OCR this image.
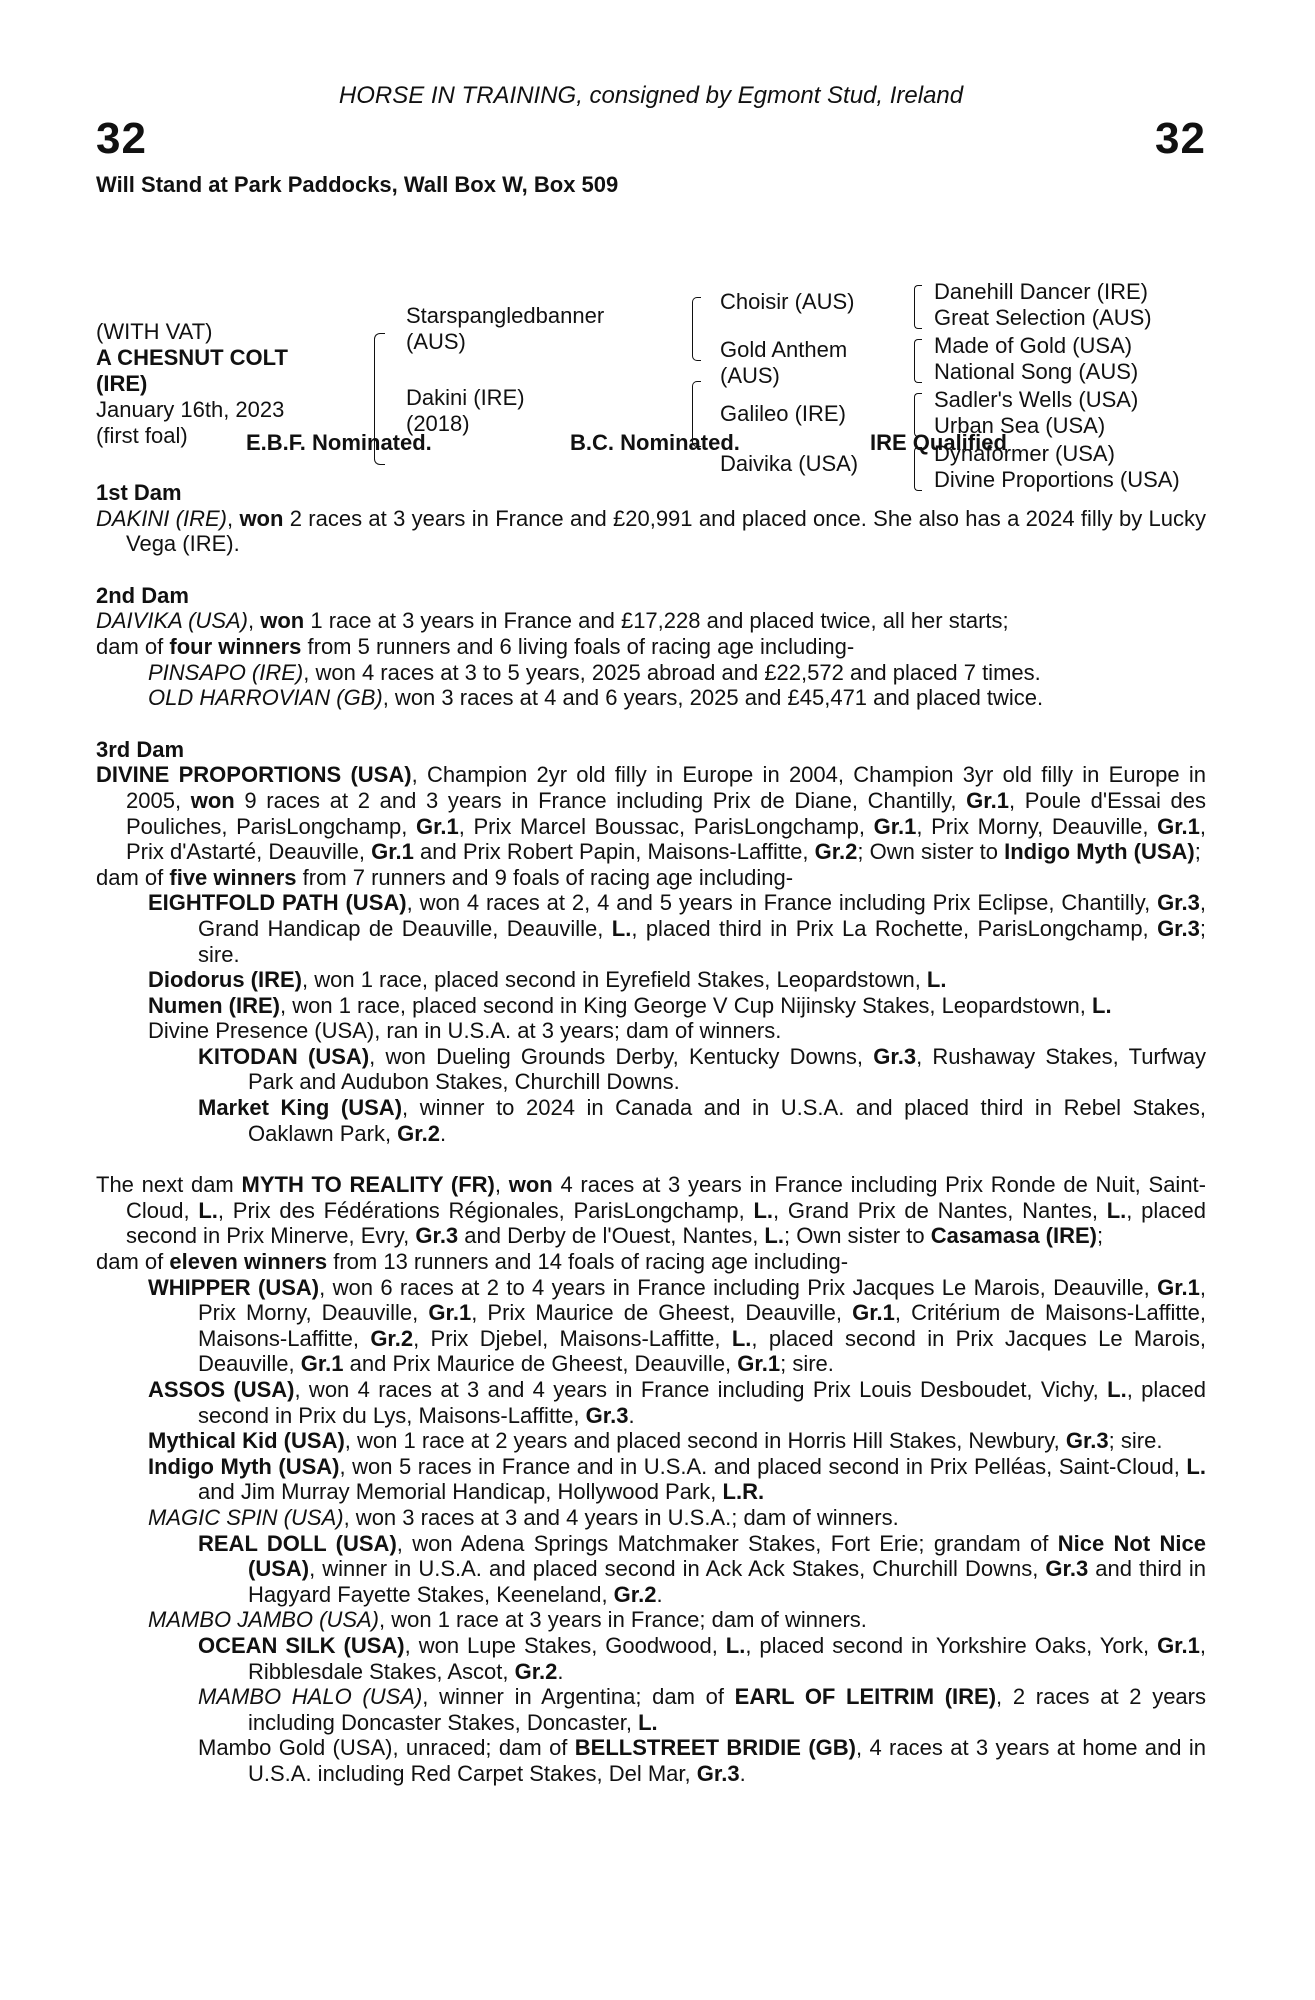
HORSE IN TRAINING, consigned by Egmont Stud, Ireland
32	32
Will Stand at Park Paddocks, Wall Box W, Box 509
(WITH VAT)
A CHESNUT COLT
(IRE)
January 16th, 2023
(first foal)
Starspangledbanner
(AUS)
Dakini (IRE)
(2018)
Choisir (AUS)
Gold Anthem
(AUS)
Galileo (IRE)
Daivika (USA)
Danehill Dancer (IRE)
Great Selection (AUS)
Made of Gold (USA)
National Song (AUS)
Sadler's Wells (USA)
Urban Sea (USA)
Dynaformer (USA)
Divine Proportions (USA)
E.B.F. Nominated.	B.C. Nominated.	IRE Qualified

1st Dam

DAKINI (IRE), won 2 races at 3 years in France and £20,991 and placed once. She also has a 2024 filly by Lucky Vega (IRE).

2nd Dam

DAIVIKA (USA), won 1 race at 3 years in France and £17,228 and placed twice, all her starts;

dam of four winners from 5 runners and 6 living foals of racing age including-

PINSAPO (IRE), won 4 races at 3 to 5 years, 2025 abroad and £22,572 and placed 7 times.

OLD HARROVIAN (GB), won 3 races at 4 and 6 years, 2025 and £45,471 and placed twice.

3rd Dam

DIVINE PROPORTIONS (USA), Champion 2yr old filly in Europe in 2004, Champion 3yr old filly in Europe in 2005, won 9 races at 2 and 3 years in France including Prix de Diane, Chantilly, Gr.1, Poule d'Essai des Pouliches, ParisLongchamp, Gr.1, Prix Marcel Boussac, ParisLongchamp, Gr.1, Prix Morny, Deauville, Gr.1, Prix d'Astarté, Deauville, Gr.1 and Prix Robert Papin, Maisons-Laffitte, Gr.2; Own sister to Indigo Myth (USA);

dam of five winners from 7 runners and 9 foals of racing age including-

EIGHTFOLD PATH (USA), won 4 races at 2, 4 and 5 years in France including Prix Eclipse, Chantilly, Gr.3, Grand Handicap de Deauville, Deauville, L., placed third in Prix La Rochette, ParisLongchamp, Gr.3; sire.

Diodorus (IRE), won 1 race, placed second in Eyrefield Stakes, Leopardstown, L.

Numen (IRE), won 1 race, placed second in King George V Cup Nijinsky Stakes, Leopardstown, L.

Divine Presence (USA), ran in U.S.A. at 3 years; dam of winners.

KITODAN (USA), won Dueling Grounds Derby, Kentucky Downs, Gr.3, Rushaway Stakes, Turfway Park and Audubon Stakes, Churchill Downs.

Market King (USA), winner to 2024 in Canada and in U.S.A. and placed third in Rebel Stakes, Oaklawn Park, Gr.2.

The next dam MYTH TO REALITY (FR), won 4 races at 3 years in France including Prix Ronde de Nuit, Saint-Cloud, L., Prix des Fédérations Régionales, ParisLongchamp, L., Grand Prix de Nantes, Nantes, L., placed second in Prix Minerve, Evry, Gr.3 and Derby de l'Ouest, Nantes, L.; Own sister to Casamasa (IRE);

dam of eleven winners from 13 runners and 14 foals of racing age including-

WHIPPER (USA), won 6 races at 2 to 4 years in France including Prix Jacques Le Marois, Deauville, Gr.1, Prix Morny, Deauville, Gr.1, Prix Maurice de Gheest, Deauville, Gr.1, Critérium de Maisons-Laffitte, Maisons-Laffitte, Gr.2, Prix Djebel, Maisons-Laffitte, L., placed second in Prix Jacques Le Marois, Deauville, Gr.1 and Prix Maurice de Gheest, Deauville, Gr.1; sire.

ASSOS (USA), won 4 races at 3 and 4 years in France including Prix Louis Desboudet, Vichy, L., placed second in Prix du Lys, Maisons-Laffitte, Gr.3.

Mythical Kid (USA), won 1 race at 2 years and placed second in Horris Hill Stakes, Newbury, Gr.3; sire.

Indigo Myth (USA), won 5 races in France and in U.S.A. and placed second in Prix Pelléas, Saint-Cloud, L. and Jim Murray Memorial Handicap, Hollywood Park, L.R.

MAGIC SPIN (USA), won 3 races at 3 and 4 years in U.S.A.; dam of winners.

REAL DOLL (USA), won Adena Springs Matchmaker Stakes, Fort Erie; grandam of Nice Not Nice (USA), winner in U.S.A. and placed second in Ack Ack Stakes, Churchill Downs, Gr.3 and third in Hagyard Fayette Stakes, Keeneland, Gr.2.

MAMBO JAMBO (USA), won 1 race at 3 years in France; dam of winners.

OCEAN SILK (USA), won Lupe Stakes, Goodwood, L., placed second in Yorkshire Oaks, York, Gr.1, Ribblesdale Stakes, Ascot, Gr.2.

MAMBO HALO (USA), winner in Argentina; dam of EARL OF LEITRIM (IRE), 2 races at 2 years including Doncaster Stakes, Doncaster, L.

Mambo Gold (USA), unraced; dam of BELLSTREET BRIDIE (GB), 4 races at 3 years at home and in U.S.A. including Red Carpet Stakes, Del Mar, Gr.3.
